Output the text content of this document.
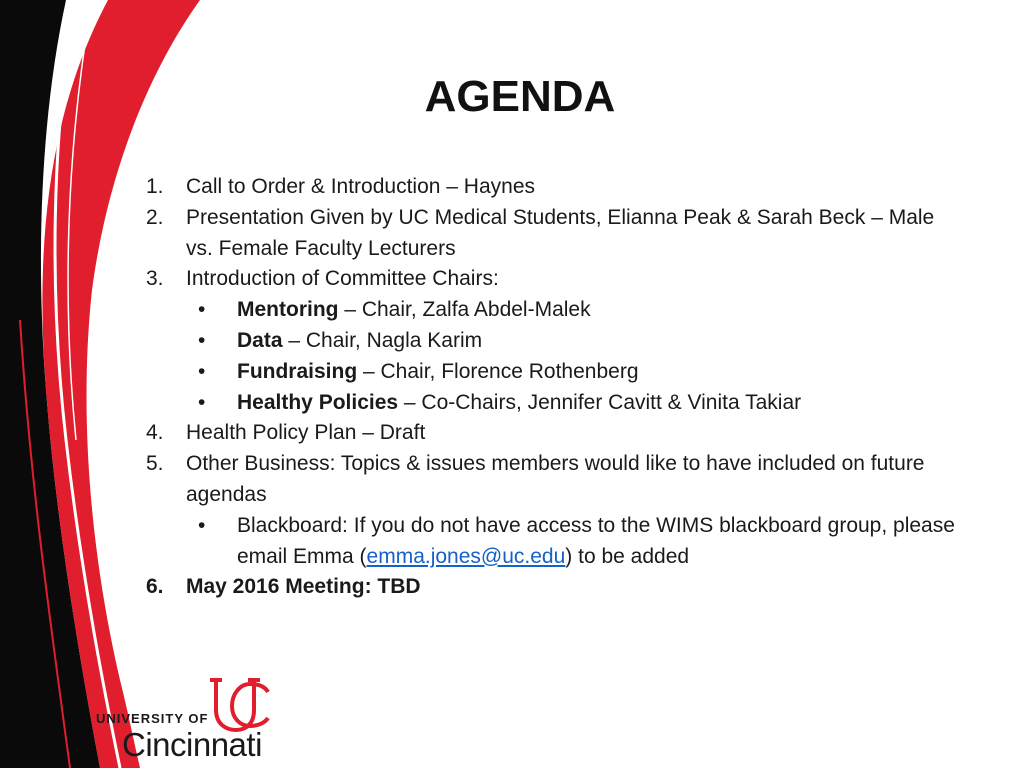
AGENDA
1. Call to Order & Introduction – Haynes
2. Presentation Given by UC Medical Students, Elianna Peak & Sarah Beck – Male vs. Female Faculty Lecturers
3. Introduction of Committee Chairs:
• Mentoring – Chair, Zalfa Abdel-Malek
• Data – Chair, Nagla Karim
• Fundraising – Chair, Florence Rothenberg
• Healthy Policies – Co-Chairs, Jennifer Cavitt & Vinita Takiar
4. Health Policy Plan – Draft
5. Other Business: Topics & issues members would like to have included on future agendas
• Blackboard: If you do not have access to the WIMS blackboard group, please email Emma (emma.jones@uc.edu) to be added
6. May 2016 Meeting: TBD
UNIVERSITY OF
Cincinnati
